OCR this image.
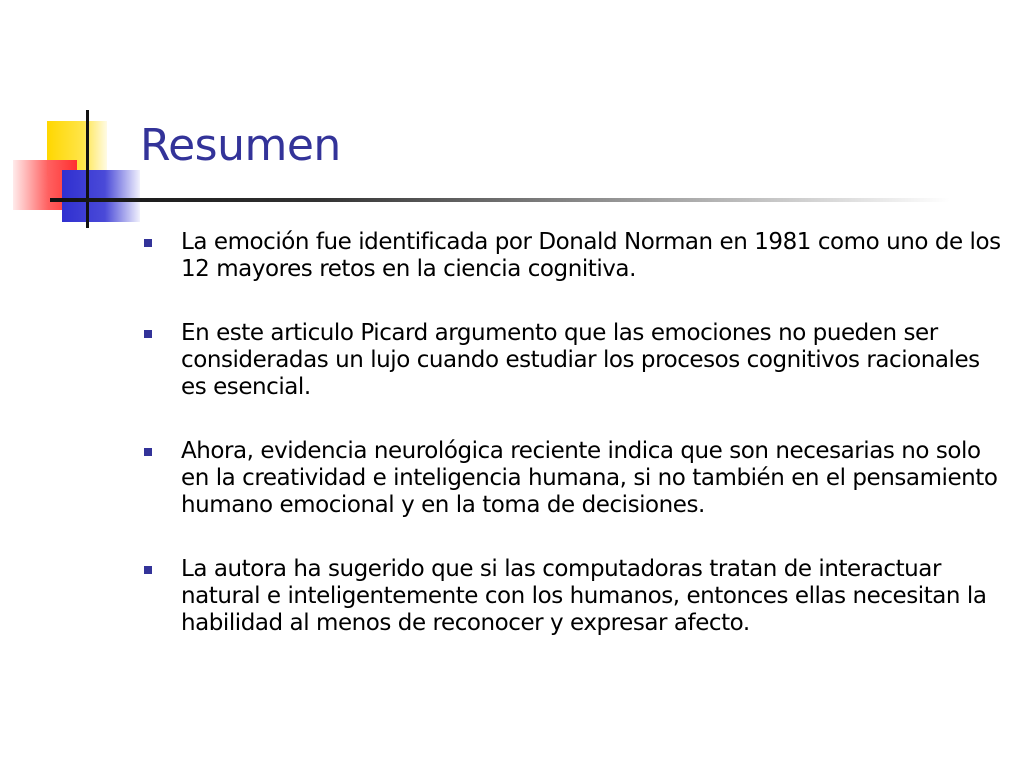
Resumen
La emoción fue identificada por Donald Norman en 1981 como uno de los 12 mayores retos en la ciencia cognitiva.
En este articulo Picard argumento que las emociones no pueden ser consideradas un lujo cuando estudiar los procesos cognitivos racionales es esencial.
Ahora, evidencia neurológica reciente indica que son necesarias no solo en la creatividad e inteligencia humana, si no también en el pensamiento humano emocional y en la toma de decisiones.
La autora ha sugerido que si las computadoras tratan de interactuar natural e inteligentemente con los humanos, entonces ellas necesitan la habilidad al menos de reconocer y expresar afecto.
